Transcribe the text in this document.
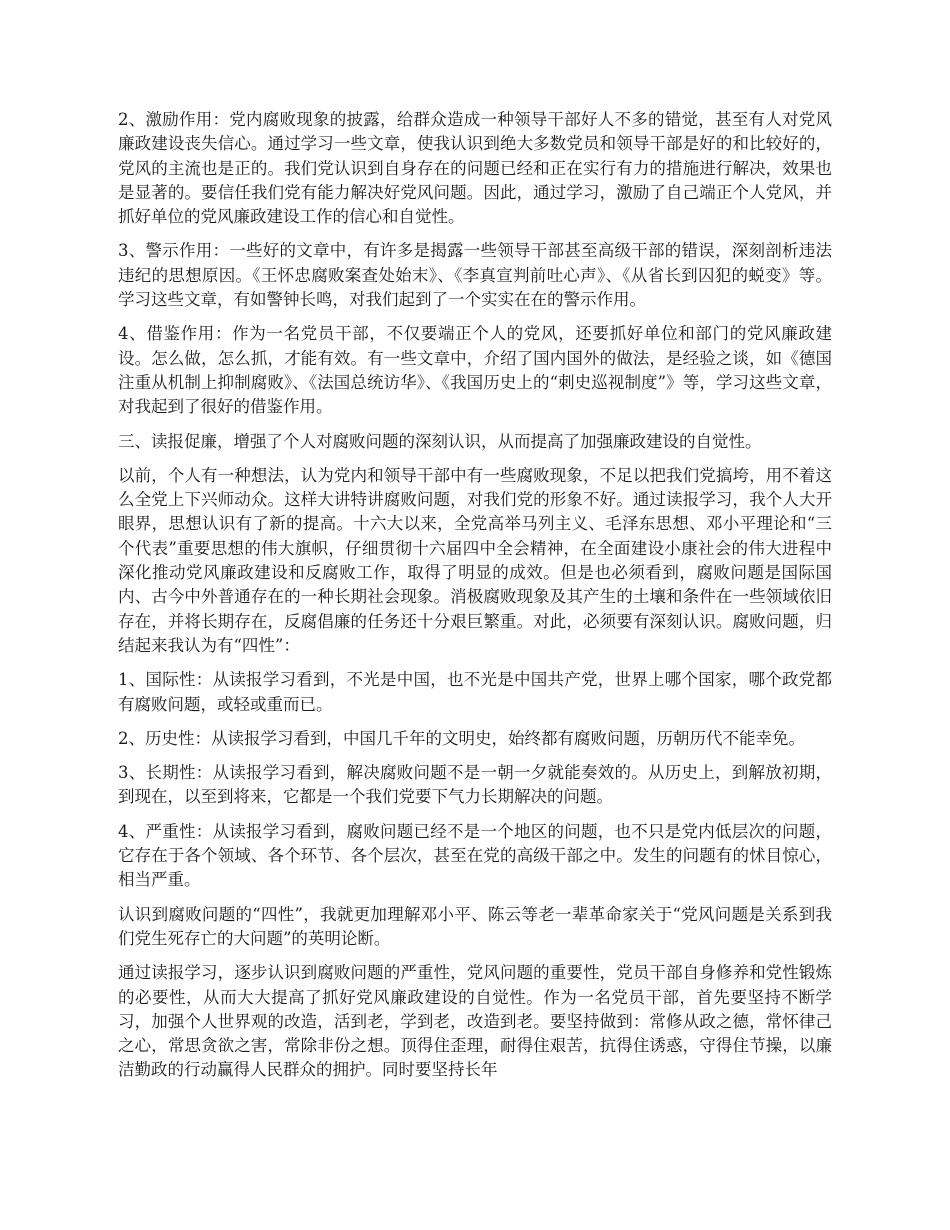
2、激励作用：党内腐败现象的披露，给群众造成一种领导干部好人不多的错觉，甚至有人对党风廉政建设丧失信心。通过学习一些文章，使我认识到绝大多数党员和领导干部是好的和比较好的，党风的主流也是正的。我们党认识到自身存在的问题已经和正在实行有力的措施进行解决，效果也是显著的。要信任我们党有能力解决好党风问题。因此，通过学习，激励了自己端正个人党风，并抓好单位的党风廉政建设工作的信心和自觉性。

3、警示作用：一些好的文章中，有许多是揭露一些领导干部甚至高级干部的错误，深刻剖析违法违纪的思想原因。《王怀忠腐败案查处始末》、《李真宣判前吐心声》、《从省长到囚犯的蜕变》等。学习这些文章，有如警钟长鸣，对我们起到了一个实实在在的警示作用。

4、借鉴作用：作为一名党员干部，不仅要端正个人的党风，还要抓好单位和部门的党风廉政建设。怎么做，怎么抓，才能有效。有一些文章中，介绍了国内国外的做法，是经验之谈，如《德国注重从机制上抑制腐败》、《法国总统访华》、《我国历史上的“刺史巡视制度”》等，学习这些文章，对我起到了很好的借鉴作用。

三、读报促廉，增强了个人对腐败问题的深刻认识，从而提高了加强廉政建设的自觉性。

以前，个人有一种想法，认为党内和领导干部中有一些腐败现象，不足以把我们党搞垮，用不着这么全党上下兴师动众。这样大讲特讲腐败问题，对我们党的形象不好。通过读报学习，我个人大开眼界，思想认识有了新的提高。十六大以来，全党高举马列主义、毛泽东思想、邓小平理论和“三个代表”重要思想的伟大旗帜，仔细贯彻十六届四中全会精神，在全面建设小康社会的伟大进程中深化推动党风廉政建设和反腐败工作，取得了明显的成效。但是也必须看到，腐败问题是国际国内、古今中外普通存在的一种长期社会现象。消极腐败现象及其产生的土壤和条件在一些领域依旧存在，并将长期存在，反腐倡廉的任务还十分艰巨繁重。对此，必须要有深刻认识。腐败问题，归结起来我认为有“四性”：

1、国际性：从读报学习看到，不光是中国，也不光是中国共产党，世界上哪个国家，哪个政党都有腐败问题，或轻或重而已。

2、历史性：从读报学习看到，中国几千年的文明史，始终都有腐败问题，历朝历代不能幸免。

3、长期性：从读报学习看到，解决腐败问题不是一朝一夕就能奏效的。从历史上，到解放初期，到现在，以至到将来，它都是一个我们党要下气力长期解决的问题。

4、严重性：从读报学习看到，腐败问题已经不是一个地区的问题，也不只是党内低层次的问题，它存在于各个领域、各个环节、各个层次，甚至在党的高级干部之中。发生的问题有的怵目惊心，相当严重。

认识到腐败问题的“四性”，我就更加理解邓小平、陈云等老一辈革命家关于“党风问题是关系到我们党生死存亡的大问题”的英明论断。

通过读报学习，逐步认识到腐败问题的严重性，党风问题的重要性，党员干部自身修养和党性锻炼的必要性，从而大大提高了抓好党风廉政建设的自觉性。作为一名党员干部，首先要坚持不断学习，加强个人世界观的改造，活到老，学到老，改造到老。要坚持做到：常修从政之德，常怀律己之心，常思贪欲之害，常除非份之想。顶得住歪理，耐得住艰苦，抗得住诱惑，守得住节操，以廉洁勤政的行动赢得人民群众的拥护。同时要坚持长年
